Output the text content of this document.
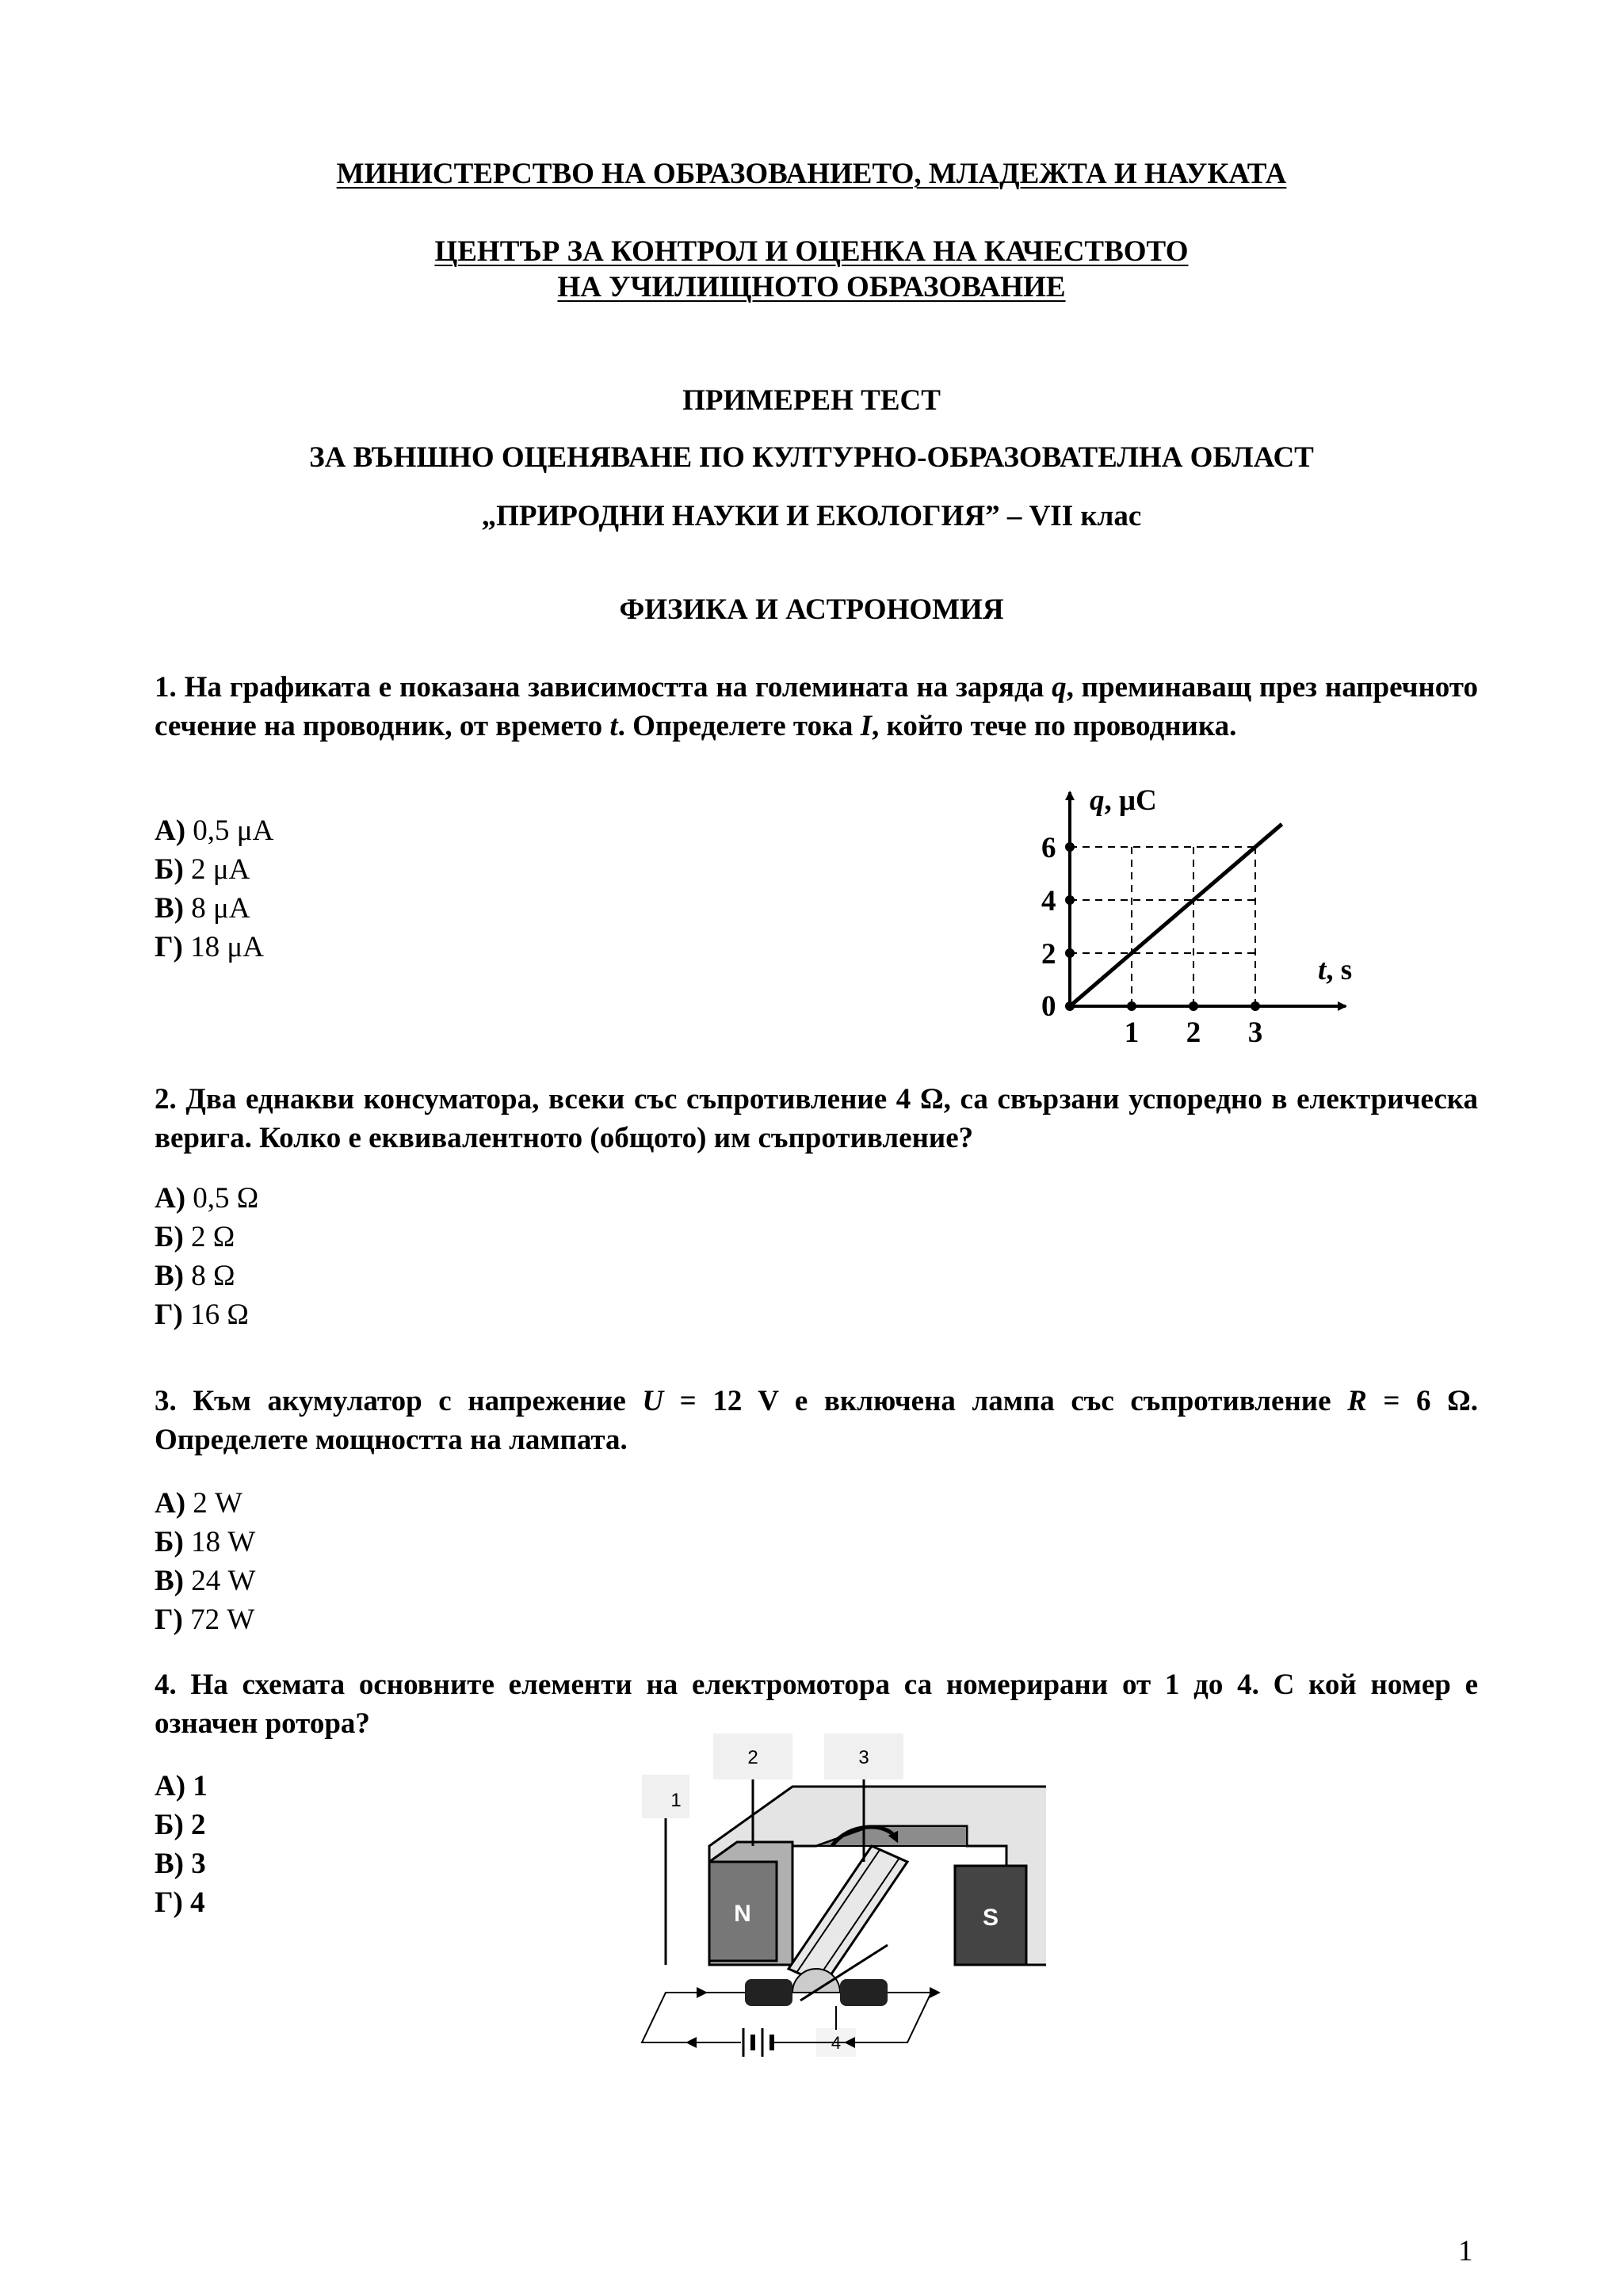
МИНИСТЕРСТВО НА ОБРАЗОВАНИЕТО, МЛАДЕЖТА И НАУКАТА
ЦЕНТЪР ЗА КОНТРОЛ И ОЦЕНКА НА КАЧЕСТВОТО
НА УЧИЛИЩНОТО ОБРАЗОВАНИЕ
ПРИМЕРЕН ТЕСТ
ЗА ВЪНШНО ОЦЕНЯВАНЕ ПО КУЛТУРНО-ОБРАЗОВАТЕЛНА ОБЛАСТ
„ПРИРОДНИ НАУКИ И ЕКОЛОГИЯ” – VII клас
ФИЗИКА И АСТРОНОМИЯ
1. На графиката е показана зависимостта на големината на заряда q, преминаващ през напречното сечение на проводник, от времето t. Определете тока I, който тече по проводника.
А) 0,5 μA
Б) 2 μA
В) 8 μA
Г) 18 μA
1 2 3
2
4
6
q, μC
t, s
0
2. Два еднакви консуматора, всеки със съпротивление 4 Ω, са свързани успоредно в електрическа верига. Колко е еквивалентното (общото) им съпротивление?
А) 0,5 Ω
Б) 2 Ω
В) 8 Ω
Г) 16 Ω
3. Към акумулатор с напрежение U = 12 V е включена лампа със съпротивление R = 6 Ω. Определете мощността на лампата.
А) 2 W
Б) 18 W
В) 24 W
Г) 72 W
4. На схемата основните елементи на електромотора са номерирани от 1 до 4. С кой номер е означен ротора?
А) 1
Б) 2
В) 3
Г) 4
1
2	3
N	S
4
1
